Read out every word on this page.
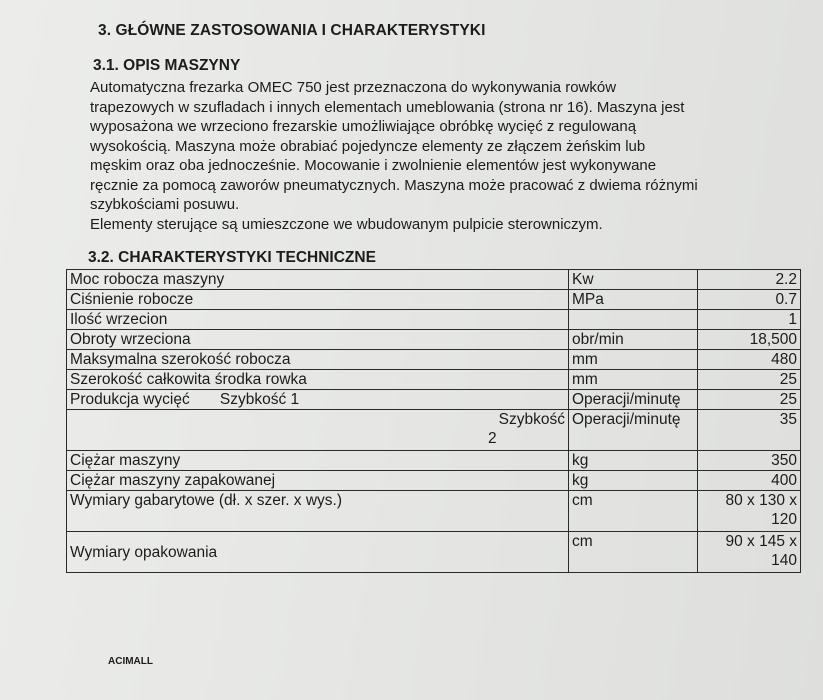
3. GŁÓWNE ZASTOSOWANIA I CHARAKTERYSTYKI
3.1. OPIS MASZYNY

Automatyczna frezarka OMEC 750 jest przeznaczona do wykonywania rowków
trapezowych w szufladach i innych elementach umeblowania (strona nr 16). Maszyna jest
wyposażona we wrzeciono frezarskie umożliwiające obróbkę wycięć z regulowaną
wysokością. Maszyna może obrabiać pojedyncze elementy ze złączem żeńskim lub
męskim oraz oba jednocześnie. Mocowanie i zwolnienie elementów jest wykonywane
ręcznie za pomocą zaworów pneumatycznych. Maszyna może pracować z dwiema różnymi
szybkościami posuwu.
Elementy sterujące są umieszczone we wbudowanym pulpicie sterowniczym.

3.2. CHARAKTERYSTYKI TECHNICZNE
Moc robocza maszyny	Kw	2.2
Ciśnienie robocze	MPa	0.7
Ilość wrzecion		1
Obroty wrzeciona	obr/min	18,500
Maksymalna szerokość robocza	mm	480
Szerokość całkowita środka rowka	mm	25
Produkcja wycięć Szybkość 1	Operacji/minutę	25

Szybkość
2	Operacji/minutę	35
Ciężar maszyny	kg	350
Ciężar maszyny zapakowanej	kg	400
Wymiary gabarytowe (dł. x szer. x wys.)	cm	80 x 130 x
120

Wymiary opakowania	cm	90 x 145 x
140
ACIMALL
